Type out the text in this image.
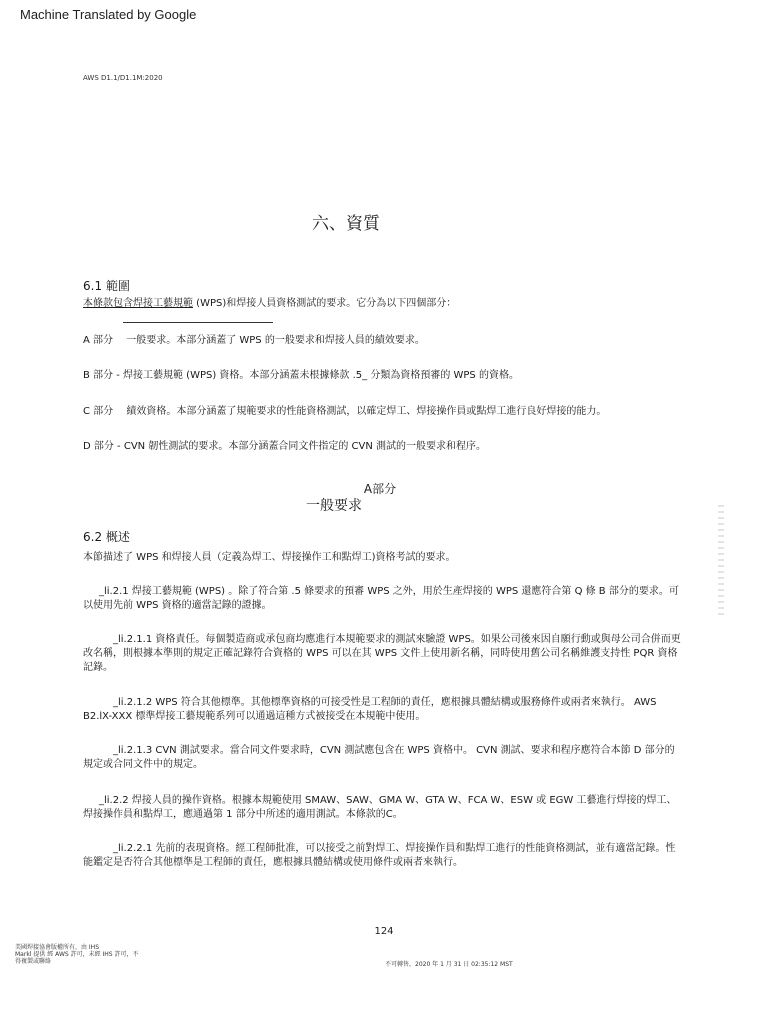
Machine Translated by Google
AWS D1.1/D1.1M:2020
六、資質
6.1 範圍
本條款包含焊接工藝規範 (WPS)和焊接人員資格測試的要求。它分為以下四個部分：
A 部分　 一般要求。本部分涵蓋了 WPS 的一般要求和焊接人員的績效要求。
B 部分 - 焊接工藝規範 (WPS) 資格。本部分涵蓋未根據條款 .5_ 分類為資格預審的 WPS 的資格。
C 部分　 績效資格。本部分涵蓋了規範要求的性能資格測試，以確定焊工、焊接操作員或點焊工進行良好焊接的能力。
D 部分 - CVN 韌性測試的要求。本部分涵蓋合同文件指定的 CVN 測試的一般要求和程序。
A部分
一般要求
6.2 概述
本節描述了 WPS 和焊接人員（定義為焊工、焊接操作工和點焊工)資格考試的要求。
_li.2.1 焊接工藝規範 (WPS) 。除了符合第 .5 條要求的預審 WPS 之外，用於生產焊接的 WPS 還應符合第 Q 條 B 部分的要求。可以使用先前 WPS 資格的適當記錄的證據。
_li.2.1.1 資格責任。每個製造商或承包商均應進行本規範要求的測試來驗證 WPS。如果公司後來因自願行動或與母公司合併而更改名稱，則根據本準則的規定正確記錄符合資格的 WPS 可以在其 WPS 文件上使用新名稱，同時使用舊公司名稱維護支持性 PQR 資格記錄。
_li.2.1.2 WPS 符合其他標準。其他標準資格的可接受性是工程師的責任，應根據具體結構或服務條件或兩者來執行。 AWS B2.lX-XXX 標準焊接工藝規範系列可以通過這種方式被接受在本規範中使用。
_li.2.1.3 CVN 測試要求。當合同文件要求時，CVN 測試應包含在 WPS 資格中。 CVN 測試、要求和程序應符合本節 D 部分的規定或合同文件中的規定。
_li.2.2 焊接人員的操作資格。根據本規範使用 SMAW、SAW、GMA W、GTA W、FCA W、ESW 或 EGW 工藝進行焊接的焊工、焊接操作員和點焊工，應通過第 1 部分中所述的適用測試。本條款的C。
_li.2.2.1 先前的表現資格。經工程師批准，可以接受之前對焊工、焊接操作員和點焊工進行的性能資格測試，並有適當記錄。性能鑑定是否符合其他標準是工程師的責任，應根據具體結構或使用條件或兩者來執行。
124
美國焊接協會版權所有，由 IHS
Markl 提供 經 AWS 許可，未經 IHS 許可，不
得複製或聯絡	不可轉售，2020 年 1 月 31 日 02:35:12 MST
